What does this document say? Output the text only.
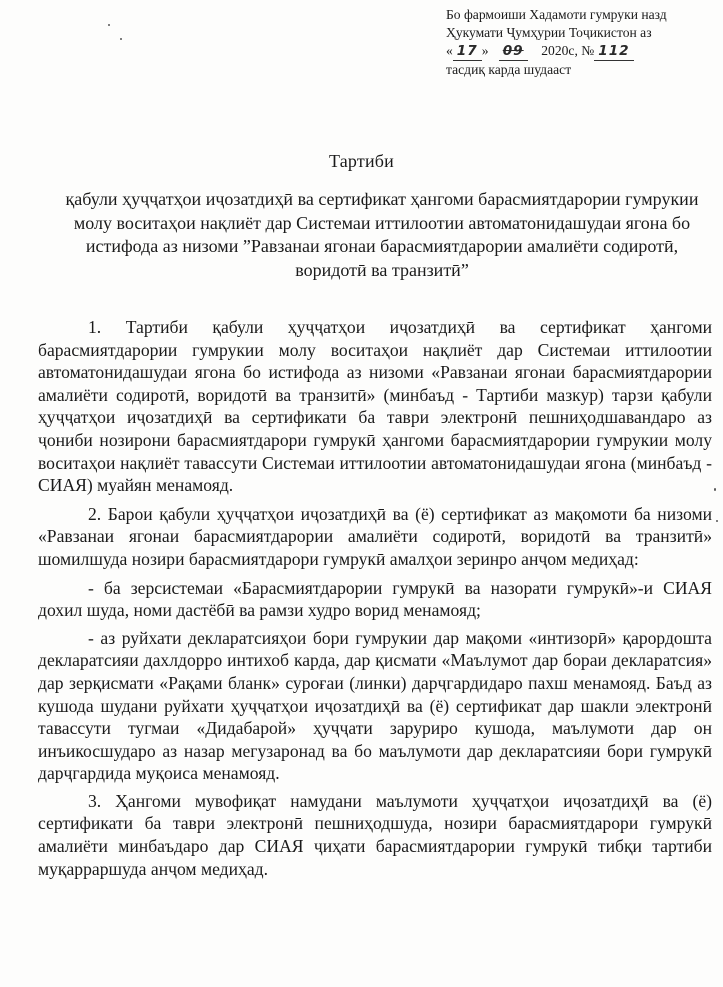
Бо фармоиши Хадамоти гумруки назд
Ҳукумати Ҷумҳурии Тоҷикистон аз
« 17 » 09 2020с, № 112
тасдиқ карда шудааст
Тартиби
қабули ҳуҷҷатҳои иҷозатдиҳӣ ва сертификат ҳангоми барасмиятдарории гумрукии молу воситаҳои нақлиёт дар Системаи иттилоотии автоматонидашудаи ягона бо истифода аз низоми ”Равзанаи ягонаи барасмиятдарории амалиёти содиротӣ, воридотӣ ва транзитӣ”

1. Тартиби қабули ҳуҷҷатҳои иҷозатдиҳӣ ва сертификат ҳангоми барасмиятдарории гумрукии молу воситаҳои нақлиёт дар Системаи иттилоотии автоматонидашудаи ягона бо истифода аз низоми «Равзанаи ягонаи барасмиятдарории амалиёти содиротӣ, воридотӣ ва транзитӣ» (минбаъд - Тартиби мазкур) тарзи қабули ҳуҷҷатҳои иҷозатдиҳӣ ва сертификати ба таври электронӣ пешниҳодшавандаро аз ҷониби нозирони барасмиятдарори гумрукӣ ҳангоми барасмиятдарории гумрукии молу воситаҳои нақлиёт тавассути Системаи иттилоотии автоматонидашудаи ягона (минбаъд - СИАЯ) муайян менамояд.

2. Барои қабули ҳуҷҷатҳои иҷозатдиҳӣ ва (ё) сертификат аз мақомоти ба низоми «Равзанаи ягонаи барасмиятдарории амалиёти содиротӣ, воридотӣ ва транзитӣ» шомилшуда нозири барасмиятдарори гумрукӣ амалҳои зеринро анҷом медиҳад:

- ба зерсистемаи «Барасмиятдарории гумрукӣ ва назорати гумрукӣ»-и СИАЯ дохил шуда, номи дастёбӣ ва рамзи худро ворид менамояд;

- аз руйхати декларатсияҳои бори гумрукии дар мақоми «интизорӣ» қарордошта декларатсияи дахлдорро интихоб карда, дар қисмати «Маълумот дар бораи декларатсия» дар зерқисмати «Рақами бланк» суроғаи (линки) дарҷгардидаро пахш менамояд. Баъд аз кушода шудани руйхати ҳуҷҷатҳои иҷозатдиҳӣ ва (ё) сертификат дар шакли электронӣ тавассути тугмаи «Дидабарой» ҳуҷҷати заруриро кушода, маълумоти дар он инъикосшударо аз назар мегузаронад ва бо маълумоти дар декларатсияи бори гумрукӣ дарҷгардида муқоиса менамояд.

3. Ҳангоми мувофиқат намудани маълумоти ҳуҷҷатҳои иҷозатдиҳӣ ва (ё) сертификати ба таври электронӣ пешниҳодшуда, нозири барасмиятдарори гумрукӣ амалиёти минбаъдаро дар СИАЯ ҷиҳати барасмиятдарории гумрукӣ тибқи тартиби муқарраршуда анҷом медиҳад.
